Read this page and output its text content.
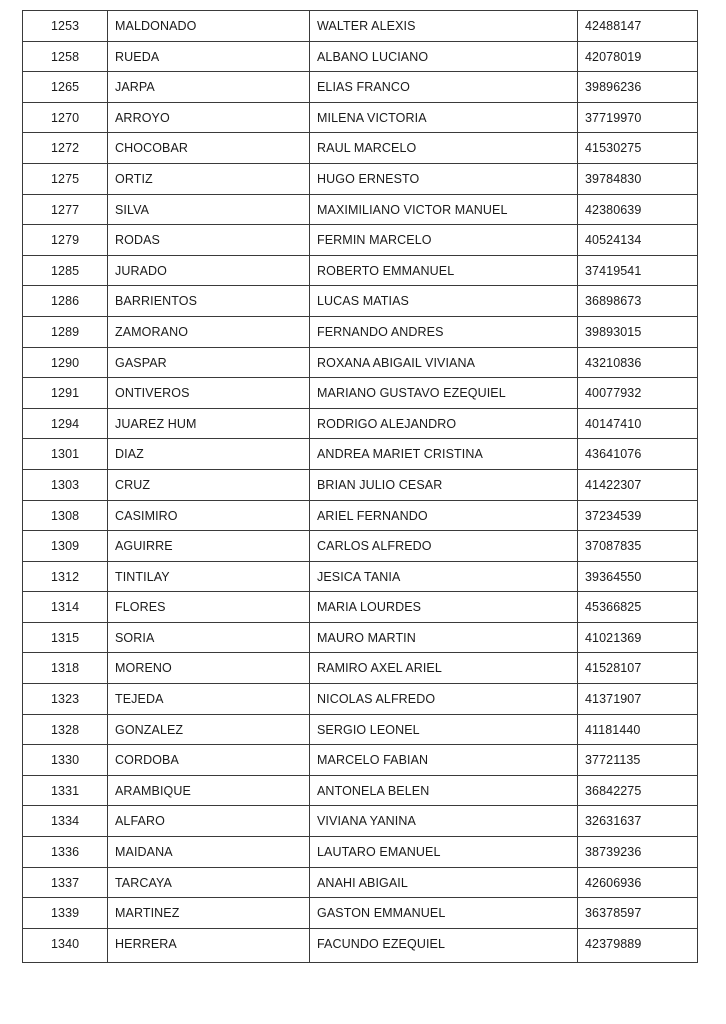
1253	MALDONADO	WALTER ALEXIS	42488147
1258	RUEDA	ALBANO LUCIANO	42078019
1265	JARPA	ELIAS FRANCO	39896236
1270	ARROYO	MILENA VICTORIA	37719970
1272	CHOCOBAR	RAUL MARCELO	41530275
1275	ORTIZ	HUGO ERNESTO	39784830
1277	SILVA	MAXIMILIANO VICTOR MANUEL	42380639
1279	RODAS	FERMIN MARCELO	40524134
1285	JURADO	ROBERTO EMMANUEL	37419541
1286	BARRIENTOS	LUCAS MATIAS	36898673
1289	ZAMORANO	FERNANDO ANDRES	39893015
1290	GASPAR	ROXANA ABIGAIL VIVIANA	43210836
1291	ONTIVEROS	MARIANO GUSTAVO EZEQUIEL	40077932
1294	JUAREZ HUM	RODRIGO ALEJANDRO	40147410
1301	DIAZ	ANDREA MARIET CRISTINA	43641076
1303	CRUZ	BRIAN JULIO CESAR	41422307
1308	CASIMIRO	ARIEL FERNANDO	37234539
1309	AGUIRRE	CARLOS ALFREDO	37087835
1312	TINTILAY	JESICA TANIA	39364550
1314	FLORES	MARIA LOURDES	45366825
1315	SORIA	MAURO MARTIN	41021369
1318	MORENO	RAMIRO AXEL ARIEL	41528107
1323	TEJEDA	NICOLAS ALFREDO	41371907
1328	GONZALEZ	SERGIO LEONEL	41181440
1330	CORDOBA	MARCELO FABIAN	37721135
1331	ARAMBIQUE	ANTONELA BELEN	36842275
1334	ALFARO	VIVIANA YANINA	32631637
1336	MAIDANA	LAUTARO EMANUEL	38739236
1337	TARCAYA	ANAHI ABIGAIL	42606936
1339	MARTINEZ	GASTON EMMANUEL	36378597
1340	HERRERA	FACUNDO EZEQUIEL	42379889
